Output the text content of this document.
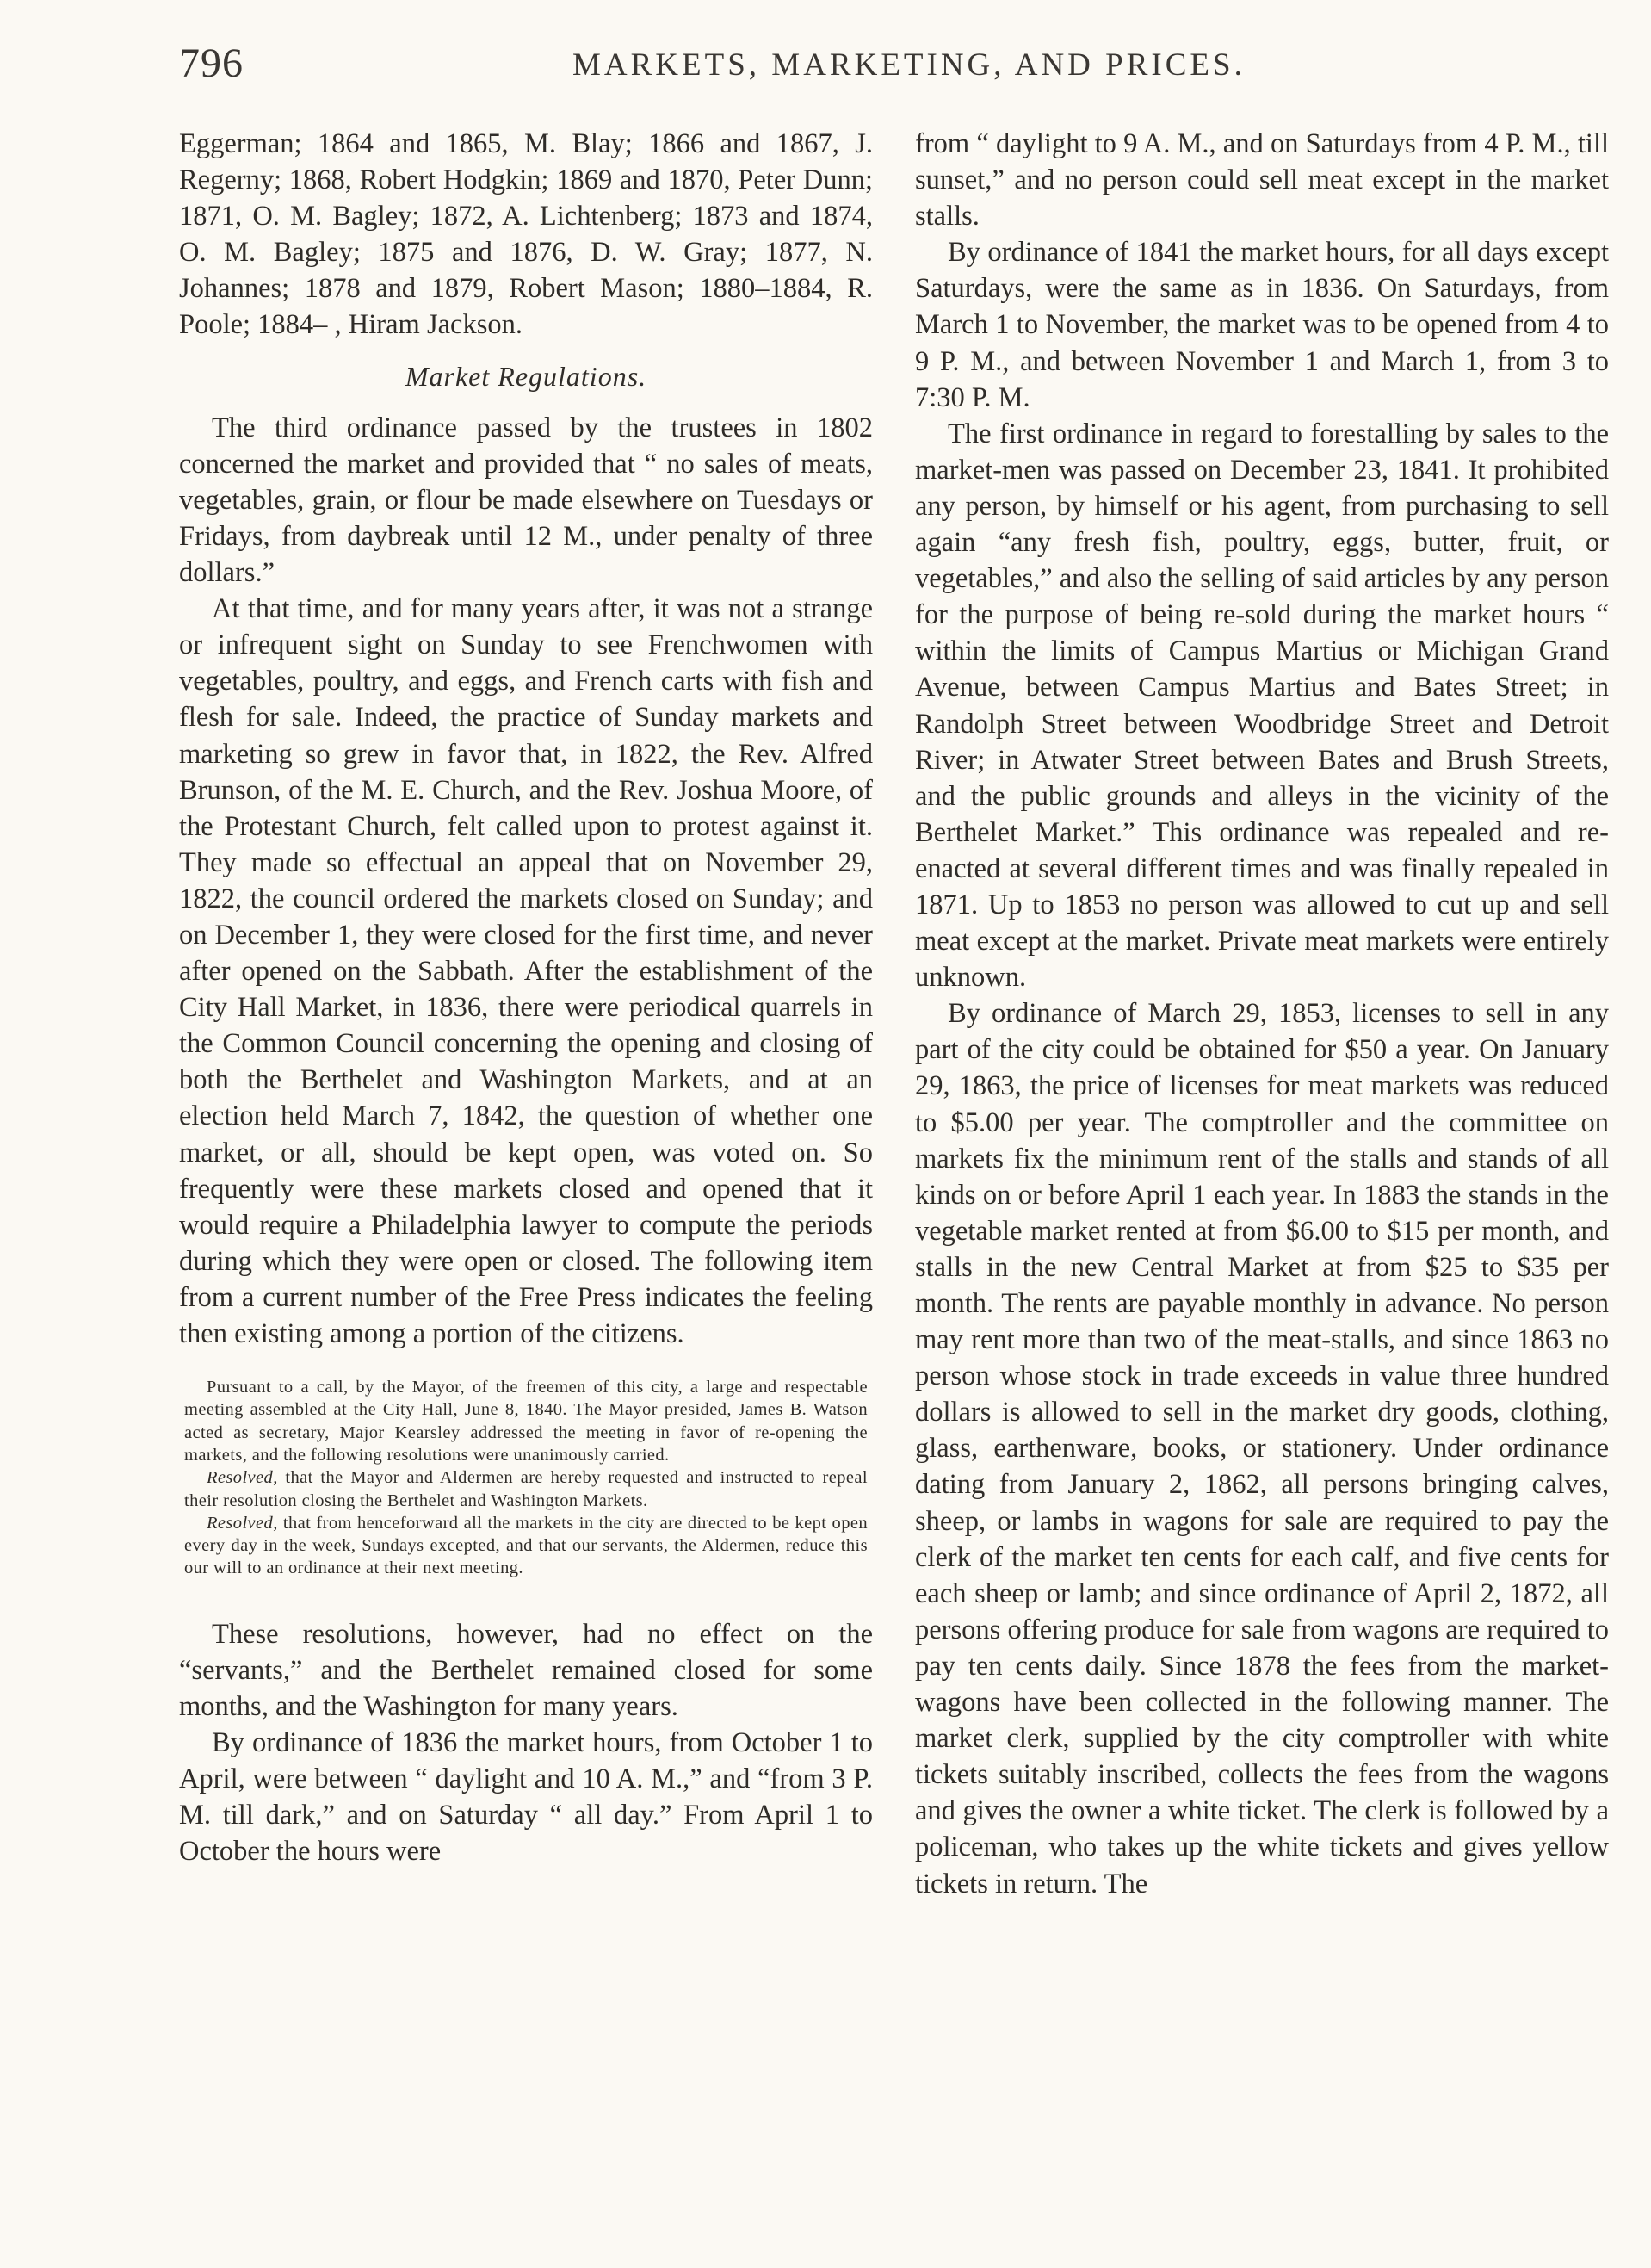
796	MARKETS, MARKETING, AND PRICES.

Eggerman; 1864 and 1865, M. Blay; 1866 and 1867, J. Regerny; 1868, Robert Hodgkin; 1869 and 1870, Peter Dunn; 1871, O. M. Bagley; 1872, A. Lichtenberg; 1873 and 1874, O. M. Bagley; 1875 and 1876, D. W. Gray; 1877, N. Johannes; 1878 and 1879, Robert Mason; 1880–1884, R. Poole; 1884– , Hiram Jackson.

Market Regulations.

The third ordinance passed by the trustees in 1802 concerned the market and provided that “ no sales of meats, vegetables, grain, or flour be made elsewhere on Tuesdays or Fridays, from daybreak until 12 M., under penalty of three dollars.”

At that time, and for many years after, it was not a strange or infrequent sight on Sunday to see Frenchwomen with vegetables, poultry, and eggs, and French carts with fish and flesh for sale. Indeed, the practice of Sunday markets and marketing so grew in favor that, in 1822, the Rev. Alfred Brunson, of the M. E. Church, and the Rev. Joshua Moore, of the Protestant Church, felt called upon to protest against it. They made so effectual an appeal that on November 29, 1822, the council ordered the markets closed on Sunday; and on December 1, they were closed for the first time, and never after opened on the Sabbath. After the establishment of the City Hall Market, in 1836, there were periodical quarrels in the Common Council concerning the opening and closing of both the Berthelet and Washington Markets, and at an election held March 7, 1842, the question of whether one market, or all, should be kept open, was voted on. So frequently were these markets closed and opened that it would require a Philadelphia lawyer to compute the periods during which they were open or closed. The following item from a current number of the Free Press indicates the feeling then existing among a portion of the citizens.

Pursuant to a call, by the Mayor, of the freemen of this city, a large and respectable meeting assembled at the City Hall, June 8, 1840. The Mayor presided, James B. Watson acted as secretary, Major Kearsley addressed the meeting in favor of re-opening the markets, and the following resolutions were unanimously carried.

Resolved, that the Mayor and Aldermen are hereby requested and instructed to repeal their resolution closing the Berthelet and Washington Markets.

Resolved, that from henceforward all the markets in the city are directed to be kept open every day in the week, Sundays excepted, and that our servants, the Aldermen, reduce this our will to an ordinance at their next meeting.

These resolutions, however, had no effect on the “servants,” and the Berthelet remained closed for some months, and the Washington for many years.

By ordinance of 1836 the market hours, from October 1 to April, were between “ daylight and 10 A. M.,” and “from 3 P. M. till dark,” and on Saturday “ all day.” From April 1 to October the hours were

from “ daylight to 9 A. M., and on Saturdays from 4 P. M., till sunset,” and no person could sell meat except in the market stalls.

By ordinance of 1841 the market hours, for all days except Saturdays, were the same as in 1836. On Saturdays, from March 1 to November, the market was to be opened from 4 to 9 P. M., and between November 1 and March 1, from 3 to 7:30 P. M.

The first ordinance in regard to forestalling by sales to the market-men was passed on December 23, 1841. It prohibited any person, by himself or his agent, from purchasing to sell again “any fresh fish, poultry, eggs, butter, fruit, or vegetables,” and also the selling of said articles by any person for the purpose of being re-sold during the market hours “ within the limits of Campus Martius or Michigan Grand Avenue, between Campus Martius and Bates Street; in Randolph Street between Woodbridge Street and Detroit River; in Atwater Street between Bates and Brush Streets, and the public grounds and alleys in the vicinity of the Berthelet Market.” This ordinance was repealed and re-enacted at several different times and was finally repealed in 1871. Up to 1853 no person was allowed to cut up and sell meat except at the market. Private meat markets were entirely unknown.

By ordinance of March 29, 1853, licenses to sell in any part of the city could be obtained for $50 a year. On January 29, 1863, the price of licenses for meat markets was reduced to $5.00 per year. The comptroller and the committee on markets fix the minimum rent of the stalls and stands of all kinds on or before April 1 each year. In 1883 the stands in the vegetable market rented at from $6.00 to $15 per month, and stalls in the new Central Market at from $25 to $35 per month. The rents are payable monthly in advance. No person may rent more than two of the meat-stalls, and since 1863 no person whose stock in trade exceeds in value three hundred dollars is allowed to sell in the market dry goods, clothing, glass, earthenware, books, or stationery. Under ordinance dating from January 2, 1862, all persons bringing calves, sheep, or lambs in wagons for sale are required to pay the clerk of the market ten cents for each calf, and five cents for each sheep or lamb; and since ordinance of April 2, 1872, all persons offering produce for sale from wagons are required to pay ten cents daily. Since 1878 the fees from the market-wagons have been collected in the following manner. The market clerk, supplied by the city comptroller with white tickets suitably inscribed, collects the fees from the wagons and gives the owner a white ticket. The clerk is followed by a policeman, who takes up the white tickets and gives yellow tickets in return. The
